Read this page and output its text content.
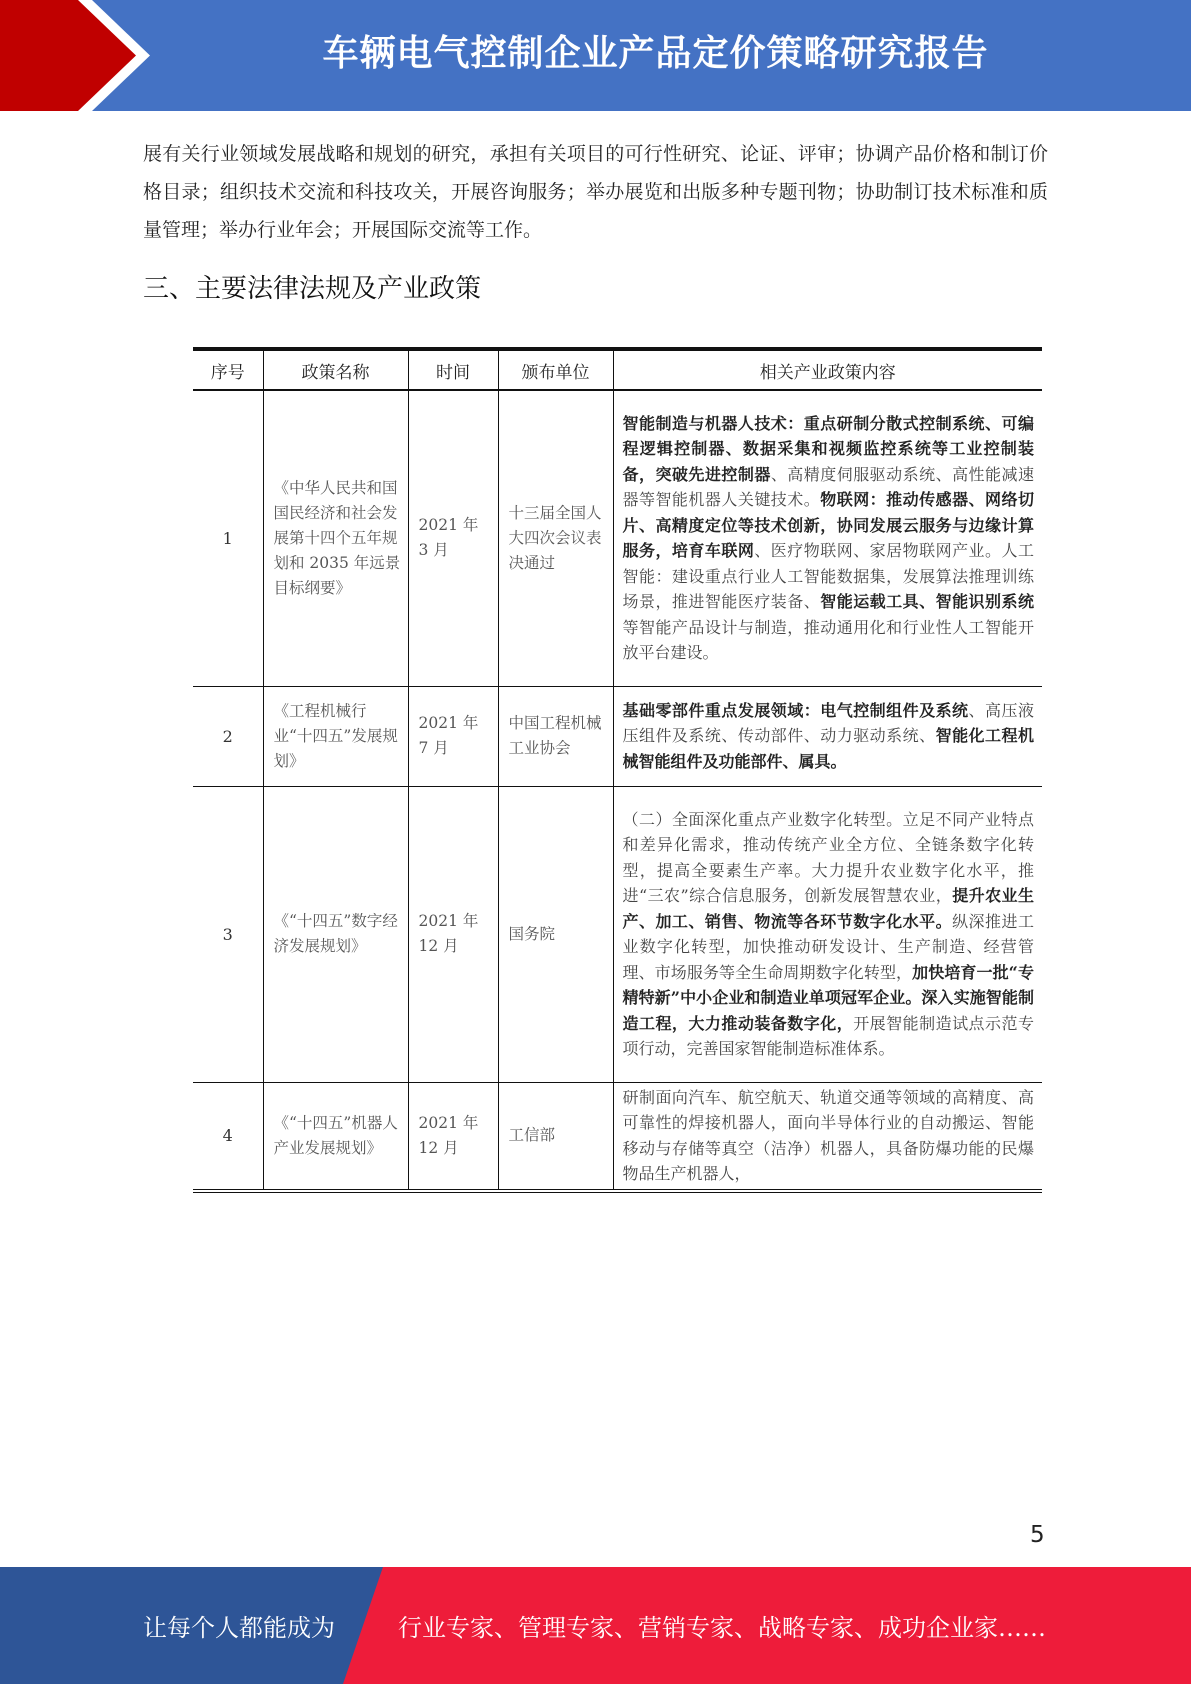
车辆电气控制企业产品定价策略研究报告
展有关行业领域发展战略和规划的研究，承担有关项目的可行性研究、论证、评审；协调产品价格和制订价格目录；组织技术交流和科技攻关，开展咨询服务；举办展览和出版多种专题刊物；协助制订技术标准和质量管理；举办行业年会；开展国际交流等工作。
三、主要法律法规及产业政策
序号	政策名称	时间	颁布单位	相关产业政策内容
1	《中华人民共和国国民经济和社会发展第十四个五年规划和 2035 年远景目标纲要》	2021 年 3 月	十三届全国人大四次会议表决通过	智能制造与机器人技术：重点研制分散式控制系统、可编程逻辑控制器、数据采集和视频监控系统等工业控制装备，突破先进控制器、高精度伺服驱动系统、高性能减速器等智能机器人关键技术。物联网：推动传感器、网络切片、高精度定位等技术创新，协同发展云服务与边缘计算服务，培育车联网、医疗物联网、家居物联网产业。人工智能：建设重点行业人工智能数据集，发展算法推理训练场景，推进智能医疗装备、智能运载工具、智能识别系统等智能产品设计与制造，推动通用化和行业性人工智能开放平台建设。
2	《工程机械行业“十四五”发展规划》	2021 年 7 月	中国工程机械工业协会	基础零部件重点发展领域：电气控制组件及系统、高压液压组件及系统、传动部件、动力驱动系统、智能化工程机械智能组件及功能部件、属具。
3	《“十四五”数字经济发展规划》	2021 年 12 月	国务院	（二）全面深化重点产业数字化转型。立足不同产业特点和差异化需求，推动传统产业全方位、全链条数字化转型，提高全要素生产率。大力提升农业数字化水平，推进“三农”综合信息服务，创新发展智慧农业，提升农业生产、加工、销售、物流等各环节数字化水平。纵深推进工业数字化转型，加快推动研发设计、生产制造、经营管理、市场服务等全生命周期数字化转型，加快培育一批“专精特新”中小企业和制造业单项冠军企业。深入实施智能制造工程，大力推动装备数字化，开展智能制造试点示范专项行动，完善国家智能制造标准体系。
4	《“十四五”机器人产业发展规划》	2021 年 12 月	工信部	研制面向汽车、航空航天、轨道交通等领域的高精度、高可靠性的焊接机器人，面向半导体行业的自动搬运、智能移动与存储等真空（洁净）机器人，具备防爆功能的民爆物品生产机器人，
5
让每个人都能成为	行业专家、管理专家、营销专家、战略专家、成功企业家……
